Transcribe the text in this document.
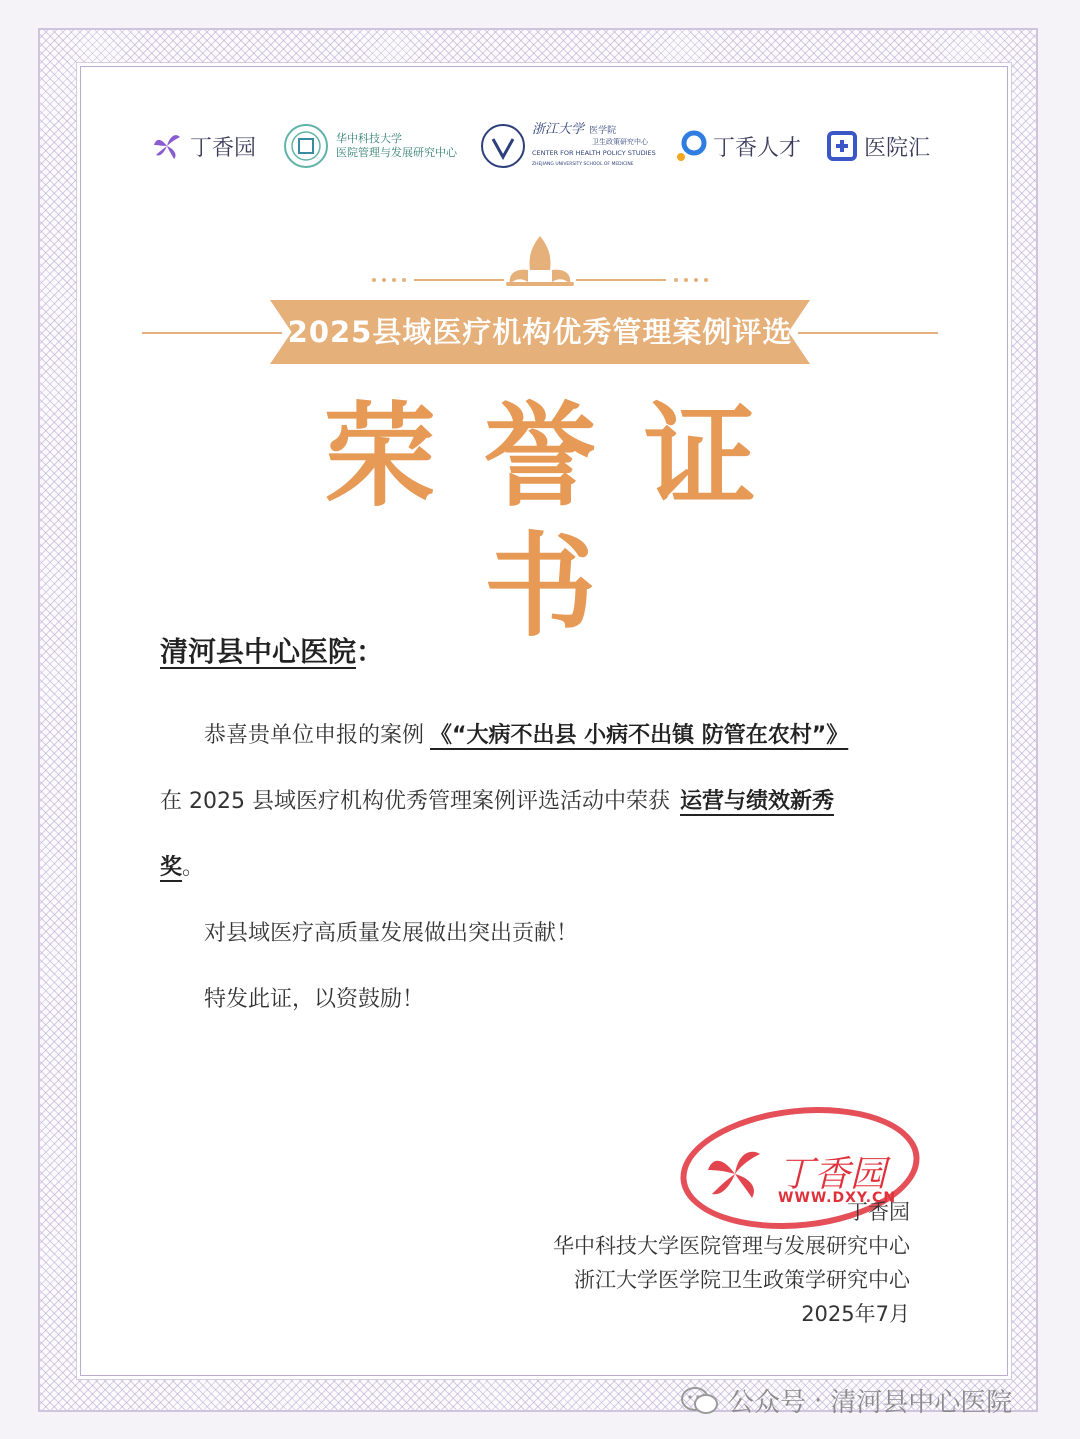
丁香园	华中科技大学
医院管理与发展研究中心
浙江大学 医学院
卫生政策研究中心
CENTER FOR HEALTH POLICY STUDIES
ZHEJIANG UNIVERSITY SCHOOL OF MEDICINE
丁香人才	医院汇
2025县域医疗机构优秀管理案例评选
荣誉证书
清河县中心医院：
恭喜贵单位申报的案例 《“大病不出县 小病不出镇 防管在农村”》
在 2025 县域医疗机构优秀管理案例评选活动中荣获 运营与绩效新秀
奖。
对县域医疗高质量发展做出突出贡献！
特发此证，以资鼓励！
丁香园
WWW.DXY.CN
丁香园
华中科技大学医院管理与发展研究中心
浙江大学医学院卫生政策学研究中心
2025年7月
公众号 · 清河县中心医院
